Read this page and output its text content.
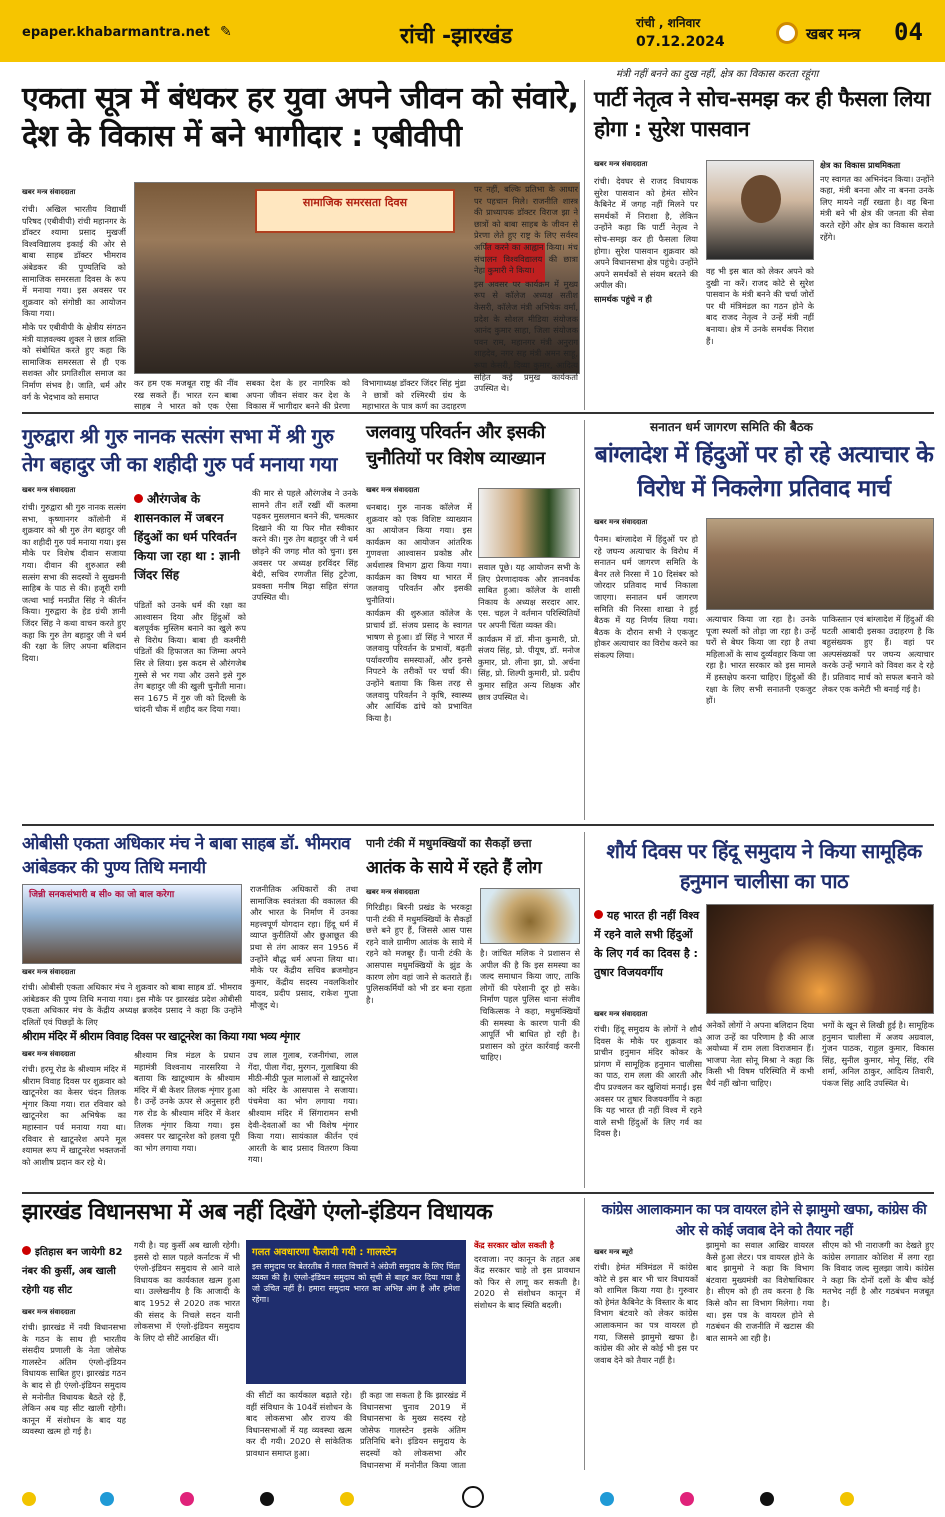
epaper.khabarmantra.net ✎	रांची -झारखंड
रांची , शनिवार
07.12.2024	खबर मन्त्र 04
मंत्री नहीं बनने का दुख नहीं, क्षेत्र का विकास करता रहूंगा
एकता सूत्र में बंधकर हर युवा अपने जीवन को संवारे, देश के विकास में बने भागीदार : एबीवीपी
खबर मन्त्र संवाददाता

रांची। अखिल भारतीय विद्यार्थी परिषद (एबीवीपी) रांची महानगर के डॉक्टर श्यामा प्रसाद मुखर्जी विश्वविद्यालय इकाई की ओर से बाबा साहब डॉक्टर भीमराव अंबेडकर की पुण्यतिथि को सामाजिक समरसता दिवस के रूप में मनाया गया। इस अवसर पर शुक्रवार को संगोष्ठी का आयोजन किया गया।

मौके पर एबीवीपी के क्षेत्रीय संगठन मंत्री याज्ञवल्क्य शुक्ल ने छात्र शक्ति को संबोधित करते हुए कहा कि सामाजिक समरसता से ही एक सशक्त और प्रगतिशील समाज का निर्माण संभव है। जाति, धर्म और वर्ग के भेदभाव को समाप्त

सामाजिक समरसता दिवस
कर हम एक मजबूत राष्ट्र की नींव रख सकते हैं। भारत रत्न बाबा साहब ने भारत को एक ऐसा
सबका देश के हर नागरिक को अपना जीवन संवार कर देश के विकास में भागीदार बनने की प्रेरणा
विभागाध्यक्ष डॉक्टर जिंदर सिंह मुंडा ने छात्रों को रश्मिरथी ग्रंथ के महाभारत के पात्र कर्ण का उदाहरण

पर नहीं, बल्कि प्रतिभा के आधार पर पहचान मिले। राजनीति शास्त्र की प्राध्यापक डॉक्टर विराज झा ने छात्रों को बाबा साहब के जीवन से प्रेरणा लेते हुए राष्ट्र के लिए सर्वस्व अर्पित करने का आह्वान किया। मंच संचालन विश्वविद्यालय की छात्रा नेहा कुमारी ने किया।

इस अवसर पर कार्यक्रम में मुख्य रूप से कॉलेज अध्यक्ष सतीश केसरी, कॉलेज मंत्री अभिषेक वर्मा, प्रदेश के सोशल मीडिया संयोजक आनंद कुमार साहा, जिला संयोजक पवन राम, महानगर मंत्री अनुराग शाहदेव, नगर सह मंत्री अमन साहू, रूपा केसरी, दिव्या कुमार, आदित्य सहित कई प्रमुख कार्यकर्ता उपस्थित थे।

पार्टी नेतृत्व ने सोच-समझ कर ही फैसला लिया होगा : सुरेश पासवान
खबर मन्त्र संवाददाता

रांची। देवघर से राजद विधायक सुरेश पासवान को हेमंत सोरेन कैबिनेट में जगह नहीं मिलने पर समर्थकों में निराशा है, लेकिन उन्होंने कहा कि पार्टी नेतृत्व ने सोच-समझ कर ही फैसला लिया होगा। सुरेश पासवान शुक्रवार को अपने विधानसभा क्षेत्र पहुंचे। उन्होंने अपने समर्थकों से संयम बरतने की अपील की।

सामर्थक पहुंचे न ही

वह भी इस बात को लेकर अपने को दुखी ना करें। राजद कोटे से सुरेश पासवान के मंत्री बनने की चर्चा जोरों पर थी मंत्रिमंडल का गठन होने के बाद राजद नेतृत्व ने उन्हें मंत्री नहीं बनाया। क्षेत्र में उनके समर्थक निराश हैं।

क्षेत्र का विकास प्राथमिकता

नए स्वागत का अभिनंदन किया। उन्होंने कहा, मंत्री बनना और ना बनना उनके लिए मायने नहीं रखता है। वह बिना मंत्री बने भी क्षेत्र की जनता की सेवा करते रहेंगे और क्षेत्र का विकास कराते रहेंगे।

गुरुद्वारा श्री गुरु नानक सत्संग सभा में श्री गुरु तेग बहादुर जी का शहीदी गुरु पर्व मनाया गया
खबर मन्त्र संवाददाता
रांची। गुरुद्वारा श्री गुरु नानक सत्संग सभा, कृष्णानगर कॉलोनी में शुक्रवार को श्री गुरु तेग बहादुर जी का शहीदी गुरु पर्व मनाया गया। इस मौके पर विशेष दीवान सजाया गया। दीवान की शुरुआत स्त्री सत्संग सभा की सदस्यों ने सुखमनी साहिब के पाठ से की। हजूरी रागी जत्था भाई मनप्रीत सिंह ने कीर्तन किया। गुरुद्वारा के हेड ग्रंथी ज्ञानी जिंदर सिंह ने कथा वाचन करते हुए कहा कि गुरु तेग बहादुर जी ने धर्म की रक्षा के लिए अपना बलिदान दिया।
औरंगजेब के शासनकाल में जबरन हिंदुओं का धर्म परिवर्तन किया जा रहा था : ज्ञानी जिंदर सिंह
पंडितों को उनके धर्म की रक्षा का आश्वासन दिया और हिंदुओं को बलपूर्वक मुस्लिम बनाने का खुले रूप से विरोध किया। बाबा ही कश्मीरी पंडितों की हिफाजत का जिम्मा अपने सिर ले लिया। इस कदम से औरंगजेब गुस्से से भर गया और उसने इसे गुरु तेग बहादुर जी की खुली चुनौती माना। सन 1675 में गुरु जी को दिल्ली के चांदनी चौक में शहीद कर दिया गया।
की मार से पहले औरंगजेब ने उनके सामने तीन शर्तें रखीं थीं कलमा पढ़कर मुसलमान बनने की, चमत्कार दिखाने की या फिर मौत स्वीकार करने की। गुरु तेग बहादुर जी ने धर्म छोड़ने की जगह मौत को चुना। इस अवसर पर अध्यक्ष हरविंदर सिंह बेदी, सचिव रणजीत सिंह टुटेजा, प्रवक्ता मनीष मिढ़ा सहित संगत उपस्थित थी।
जलवायु परिवर्तन और इसकी चुनौतियों पर विशेष व्याख्यान
खबर मन्त्र संवाददाता

धनबाद। गुरु नानक कॉलेज में शुक्रवार को एक विशिष्ट व्याख्यान का आयोजन किया गया। इस कार्यक्रम का आयोजन आंतरिक गुणवत्ता आश्वासन प्रकोष्ठ और अर्थशास्त्र विभाग द्वारा किया गया। कार्यक्रम का विषय था भारत में जलवायु परिवर्तन और इसकी चुनौतियां।

कार्यक्रम की शुरुआत कॉलेज के प्राचार्य डॉ. संजय प्रसाद के स्वागत भाषण से हुआ। डॉ सिंह ने भारत में जलवायु परिवर्तन के प्रभावों, बढ़ती पर्यावरणीय समस्याओं, और इनसे निपटने के तरीकों पर चर्चा की। उन्होंने बताया कि किस तरह से जलवायु परिवर्तन ने कृषि, स्वास्थ्य और आर्थिक ढांचे को प्रभावित किया है।

सवाल पूछे। यह आयोजन सभी के लिए प्रेरणादायक और ज्ञानवर्धक साबित हुआ। कॉलेज के शासी निकाय के अध्यक्ष सरदार आर. एस. चहल ने वर्तमान परिस्थितियों पर अपनी चिंता व्यक्त की।

कार्यक्रम में डॉ. मीना कुमारी, प्रो. संजय सिंह, प्रो. पीयूष, डॉ. मनोज कुमार, प्रो. लीना झा, प्रो. अर्चना सिंह, प्रो. शिल्पी कुमारी, प्रो. प्रदीप कुमार सहित अन्य शिक्षक और छात्र उपस्थित थे।

सनातन धर्म जागरण समिति की बैठक
बांग्लादेश में हिंदुओं पर हो रहे अत्याचार के विरोध में निकलेगा प्रतिवाद मार्च
खबर मन्त्र संवाददाता
पैनम। बांग्लादेश में हिंदुओं पर हो रहे जघन्य अत्याचार के विरोध में सनातन धर्म जागरण समिति के बैनर तले निरसा में 10 दिसंबर को जोरदार प्रतिवाद मार्च निकाला जाएगा। सनातन धर्म जागरण समिति की निरसा शाखा ने हुई बैठक में यह निर्णय लिया गया। बैठक के दौरान सभी ने एकजुट होकर अत्याचार का विरोध करने का संकल्प लिया।
अत्याचार किया जा रहा है। उनके पूजा स्थलों को तोड़ा जा रहा है। उन्हें घरों से बेघर किया जा रहा है तथा महिलाओं के साथ दुर्व्यवहार किया जा रहा है। भारत सरकार को इस मामले में हस्तक्षेप करना चाहिए। हिंदुओं की रक्षा के लिए सभी सनातनी एकजुट हों।
पाकिस्तान एवं बांग्लादेश में हिंदुओं की घटती आबादी इसका उदाहरण है कि बहुसंख्यक हुए हैं। वहां पर अल्पसंख्यकों पर जघन्य अत्याचार करके उन्हें भगाने को विवश कर दे रहे हैं। प्रतिवाद मार्च को सफल बनाने को लेकर एक कमेटी भी बनाई गई है।
ओबीसी एकता अधिकार मंच ने बाबा साहब डॉ. भीमराव आंबेडकर की पुण्य तिथि मनायी
जिन्नी सनकसंभारी ब सी० का जो बाल करेगा
खबर मन्त्र संवाददाता
रांची। ओबीसी एकता अधिकार मंच ने शुक्रवार को बाबा साहब डॉ. भीमराव आंबेडकर की पुण्य तिथि मनाया गया। इस मौके पर झारखंड प्रदेश ओबीसी एकता अधिकार मंच के केंद्रीय अध्यक्ष ब्रजदेव प्रसाद ने कहा कि उन्होंने दलितों एवं पिछड़ों के लिए
राजनीतिक अधिकारों की तथा सामाजिक स्वतंत्रता की वकालत की और भारत के निर्माण में उनका महत्त्वपूर्ण योगदान रहा। हिंदू धर्म में व्याप्त कुरीतियों और छुआछूत की प्रथा से तंग आकर सन 1956 में उन्होंने बौद्ध धर्म अपना लिया था। मौके पर केंद्रीय सचिव ब्रजमोहन कुमार, केंद्रीय सदस्य नवलकिशोर यादव, प्रदीप प्रसाद, राकेश गुप्ता मौजूद थे।
श्रीराम मंदिर में श्रीराम विवाह दिवस पर खाटूनरेश का किया गया भव्य शृंगार
खबर मन्त्र संवाददाता
रांची। हरमू रोड के श्रीश्याम मंदिर में श्रीराम विवाह दिवस पर शुक्रवार को खाटूनरेश का केसर चंदन तिलक शृंगार किया गया। रात रविवार को खाटूनरेश का अभिषेक का महास्नान पर्व मनाया गया था। रविवार से खाटूनरेश अपने मूल श्यामल रूप में खाटूनरेश भक्तजनों को आशीष प्रदान कर रहे थे।
श्रीश्याम मित्र मंडल के प्रधान महामंत्री विश्वनाथ नारसरिया ने बताया कि खाटूश्याम के श्रीश्याम मंदिर में बी केशर तिलक शृंगार हुआ है। उन्हें उनके ऊपर से अनुसार हरी गरु रोड के श्रीश्याम मंदिर में केशर तिलक शृंगार किया गया। इस अवसर पर खाटूनरेश को हलवा पूरी का भोग लगाया गया।
उच लाल गुलाब, रजनीगंधा, लाल गेंदा, पीला गेंदा, मुरगन, गुलाबिया की मीठी-मीठी फूल मालाओं से खाटूनरेश को मंदिर के आसपास ने सजाया। पंचमेवा का भोग लगाया गया। श्रीश्याम मंदिर में सिंगारामन सभी देवी-देवताओं का भी विशेष शृंगार किया गया। सायंकाल कीर्तन एवं आरती के बाद प्रसाद वितरण किया गया।
पानी टंकी में मधुमक्खियों का सैकड़ों छत्ता
आतंक के साये में रहते हैं लोग
खबर मन्त्र संवाददाता
गिरिडीह। बिरनी प्रखंड के भरकट्टा पानी टंकी में मधुमक्खियों के सैकड़ों छत्ते बने हुए हैं, जिससे आस पास रहने वाले ग्रामीण आतंक के साये में रहने को मजबूर हैं। पानी टंकी के आसपास मधुमक्खियों के झुंड के कारण लोग वहां जाने से कतराते हैं। पुलिसकर्मियों को भी डर बना रहता है।
है। जांचित मलिक ने प्रशासन से अपील की है कि इस समस्या का जल्द समाधान किया जाए, ताकि लोगों की परेशानी दूर हो सके। निर्माण पहल पुलिस थाना संजीव चिकित्सक ने कहा, मधुमक्खियों की समस्या के कारण पानी की आपूर्ति भी बाधित हो रही है। प्रशासन को तुरंत कार्रवाई करनी चाहिए।
शौर्य दिवस पर हिंदू समुदाय ने किया सामूहिक हनुमान चालीसा का पाठ
यह भारत ही नहीं विश्व में रहने वाले सभी हिंदुओं के लिए गर्व का दिवस है : तुषार विजयवर्गीय
खबर मन्त्र संवाददाता
रांची। हिंदू समुदाय के लोगों ने शौर्य दिवस के मौके पर शुक्रवार को प्राचीन हनुमान मंदिर कोकर के प्रांगण में सामूहिक हनुमान चालीसा का पाठ, राम लला की आरती और दीप प्रज्वलन कर खुशियां मनाई। इस अवसर पर तुषार विजयवर्गीय ने कहा कि यह भारत ही नहीं विश्व में रहने वाले सभी हिंदुओं के लिए गर्व का दिवस है।
अनेकों लोगों ने अपना बलिदान दिया आज उन्हें का परिणाम है की आज अयोध्या में राम लला विराजमान हैं। भाजपा नेता सोनू मिश्रा ने कहा कि किसी भी विषम परिस्थिति में कभी धैर्य नहीं खोना चाहिए।
भगों के खून से लिखी हुई है। सामूहिक हनुमान चालीसा में अजय अग्रवाल, गुंजन पाठक, राहुल कुमार, विकास सिंह, सुनील कुमार, मोनू सिंह, रवि शर्मा, अनिल ठाकुर, आदित्य तिवारी, पंकज सिंह आदि उपस्थित थे।
झारखंड विधानसभा में अब नहीं दिखेंगे एंग्लो-इंडियन विधायक
इतिहास बन जायेगी 82 नंबर की कुर्सी, अब खाली रहेगी यह सीट
खबर मन्त्र संवाददाता
रांची। झारखंड में नयी विधानसभा के गठन के साथ ही भारतीय संसदीय प्रणाली के नेता जोसेफ गालस्टेन अंतिम एंग्लो-इंडियन विधायक साबित हुए। झारखंड गठन के बाद से ही एंग्लो-इंडियन समुदाय से मनोनीत विधायक बैठते रहे हैं, लेकिन अब यह सीट खाली रहेगी। कानून में संशोधन के बाद यह व्यवस्था खत्म हो गई है।
गयी है। यह कुर्सी अब खाली रहेगी। इससे दो साल पहले कर्नाटक में भी एंग्लो-इंडियन समुदाय से आने वाले विधायक का कार्यकाल खत्म हुआ था। उल्लेखनीय है कि आजादी के बाद 1952 से 2020 तक भारत की संसद के निचले सदन यानी लोकसभा में एंग्लो-इंडियन समुदाय के लिए दो सीटें आरक्षित थीं।
गलत अवधारणा फैलायी गयी : गालस्टेन
इस समुदाय पर बेतरतीब में गलत विचारों ने अंग्रेजी समुदाय के लिए चिंता व्यक्त की है। एंग्लो-इंडियन समुदाय को सूची से बाहर कर दिया गया है जो उचित नहीं है। हमारा समुदाय भारत का अभिन्न अंग है और हमेशा रहेगा।
की सीटों का कार्यकाल बढ़ाते रहे। वहीं संविधान के 104वें संशोधन के बाद लोकसभा और राज्य की विधानसभाओं में यह व्यवस्था खत्म कर दी गयी। 2020 से सांकेतिक प्रावधान समाप्त हुआ।
ही कहा जा सकता है कि झारखंड में विधानसभा चुनाव 2019 में विधानसभा के मुख्य सदस्य रहे जोसेफ गालस्टेन इसके अंतिम प्रतिनिधि बने। इंडियन समुदाय के सदस्यों को लोकसभा और विधानसभा में मनोनीत किया जाता

केंद्र सरकार खोल सकती है

दरवाजा। नए कानून के तहत अब केंद्र सरकार चाहे तो इस प्रावधान को फिर से लागू कर सकती है। 2020 से संशोधन कानून में संशोधन के बाद स्थिति बदली।

कांग्रेस आलाकमान का पत्र वायरल होने से झामुमो खफा, कांग्रेस की ओर से कोई जवाब देने को तैयार नहीं
खबर मन्त्र ब्यूरो
रांची। हेमंत मंत्रिमंडल में कांग्रेस कोटे से इस बार भी चार विधायकों को शामिल किया गया है। गुरुवार को हेमंत कैबिनेट के विस्तार के बाद विभाग बंटवारे को लेकर कांग्रेस आलाकमान का पत्र वायरल हो गया, जिससे झामुमो खफा है। कांग्रेस की ओर से कोई भी इस पर जवाब देने को तैयार नहीं है।
झामुमो का सवाल आखिर वायरल कैसे हुआ लेटर। पत्र वायरल होने के बाद झामुमो ने कहा कि विभाग बंटवारा मुख्यमंत्री का विशेषाधिकार है। सीएम को ही तय करना है कि किसे कौन सा विभाग मिलेगा। गया था। इस पत्र के वायरल होने से गठबंधन की राजनीति में खटास की बात सामने आ रही है।
सीएम को भी नाराजगी का देखते हुए कांग्रेस लगातार कोशिश में लगा रहा कि विवाद जल्द सुलझा जाये। कांग्रेस ने कहा कि दोनों दलों के बीच कोई मतभेद नहीं है और गठबंधन मजबूत है।
